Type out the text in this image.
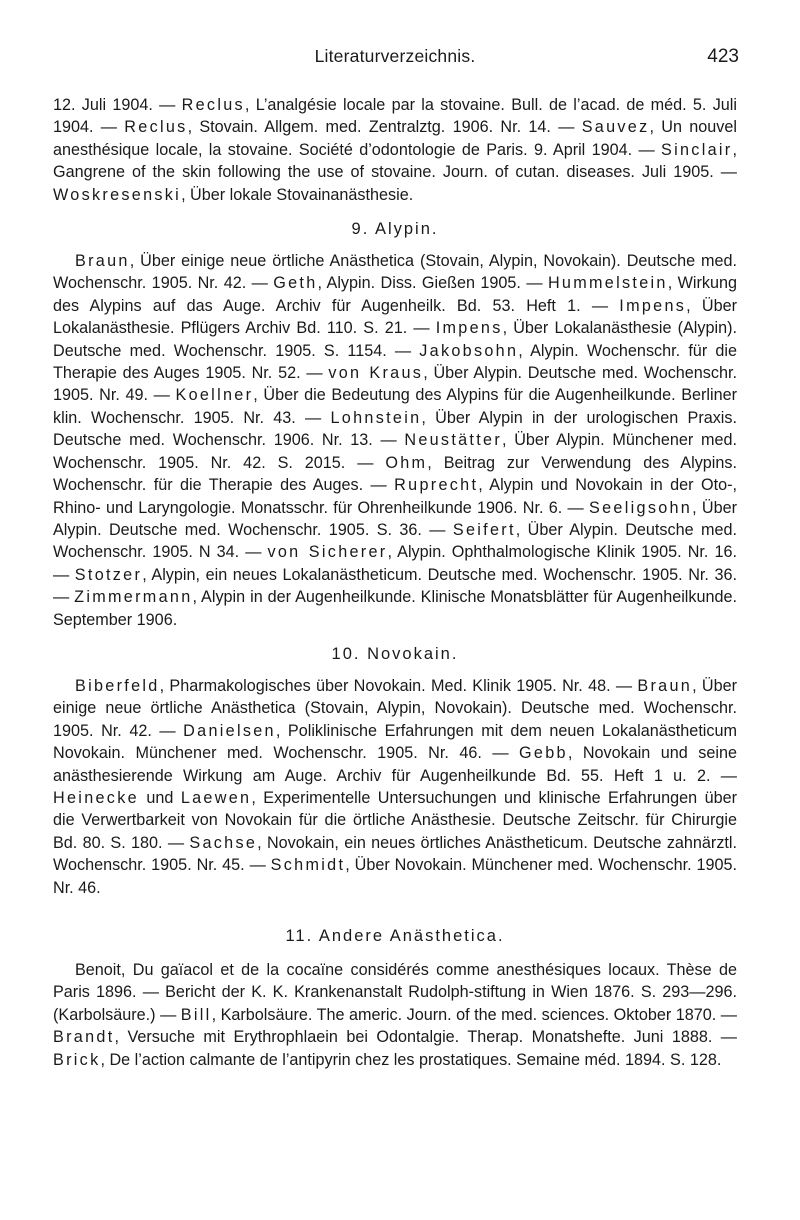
Literaturverzeichnis.	423

12. Juli 1904. — Reclus, L’analgésie locale par la stovaine. Bull. de l’acad. de méd. 5. Juli 1904. — Reclus, Stovain. Allgem. med. Zentralztg. 1906. Nr. 14. — Sauvez, Un nouvel anesthésique locale, la stovaine. Société d’odontologie de Paris. 9. April 1904. — Sinclair, Gangrene of the skin following the use of stovaine. Journ. of cutan. diseases. Juli 1905. — Woskresenski, Über lokale Stovainanästhesie.

9. Alypin.

Braun, Über einige neue örtliche Anästhetica (Stovain, Alypin, Novokain). Deutsche med. Wochenschr. 1905. Nr. 42. — Geth, Alypin. Diss. Gießen 1905. — Hummelstein, Wirkung des Alypins auf das Auge. Archiv für Augenheilk. Bd. 53. Heft 1. — Impens, Über Lokalanästhesie. Pflügers Archiv Bd. 110. S. 21. — Impens, Über Lokalanästhesie (Alypin). Deutsche med. Wochenschr. 1905. S. 1154. — Jakobsohn, Alypin. Wochenschr. für die Therapie des Auges 1905. Nr. 52. — von Kraus, Über Alypin. Deutsche med. Wochenschr. 1905. Nr. 49. — Koellner, Über die Bedeutung des Alypins für die Augenheilkunde. Berliner klin. Wochenschr. 1905. Nr. 43. — Lohnstein, Über Alypin in der urologischen Praxis. Deutsche med. Wochenschr. 1906. Nr. 13. — Neustätter, Über Alypin. Münchener med. Wochenschr. 1905. Nr. 42. S. 2015. — Ohm, Beitrag zur Verwendung des Alypins. Wochenschr. für die Therapie des Auges. — Ruprecht, Alypin und Novokain in der Oto-, Rhino- und Laryngologie. Monatsschr. für Ohrenheilkunde 1906. Nr. 6. — Seeligsohn, Über Alypin. Deutsche med. Wochenschr. 1905. S. 36. — Seifert, Über Alypin. Deutsche med. Wochenschr. 1905. N 34. — von Sicherer, Alypin. Ophthalmologische Klinik 1905. Nr. 16. — Stotzer, Alypin, ein neues Lokalanästheticum. Deutsche med. Wochenschr. 1905. Nr. 36. — Zimmermann, Alypin in der Augenheilkunde. Klinische Monatsblätter für Augenheilkunde. September 1906.

10. Novokain.

Biberfeld, Pharmakologisches über Novokain. Med. Klinik 1905. Nr. 48. — Braun, Über einige neue örtliche Anästhetica (Stovain, Alypin, Novokain). Deutsche med. Wochenschr. 1905. Nr. 42. — Danielsen, Poliklinische Erfahrungen mit dem neuen Lokalanästheticum Novokain. Münchener med. Wochenschr. 1905. Nr. 46. — Gebb, Novokain und seine anästhesierende Wirkung am Auge. Archiv für Augenheilkunde Bd. 55. Heft 1 u. 2. — Heinecke und Laewen, Experimentelle Untersuchungen und klinische Erfahrungen über die Verwertbarkeit von Novokain für die örtliche Anästhesie. Deutsche Zeitschr. für Chirurgie Bd. 80. S. 180. — Sachse, Novokain, ein neues örtliches Anästheticum. Deutsche zahnärztl. Wochenschr. 1905. Nr. 45. — Schmidt, Über Novokain. Münchener med. Wochenschr. 1905. Nr. 46.

11. Andere Anästhetica.

Benoit, Du gaïacol et de la cocaïne considérés comme anesthésiques locaux. Thèse de Paris 1896. — Bericht der K. K. Krankenanstalt Rudolph-stiftung in Wien 1876. S. 293—296. (Karbolsäure.) — Bill, Karbolsäure. The americ. Journ. of the med. sciences. Oktober 1870. — Brandt, Versuche mit Erythrophlaein bei Odontalgie. Therap. Monatshefte. Juni 1888. — Brick, De l’action calmante de l’antipyrin chez les prostatiques. Semaine méd. 1894. S. 128.
